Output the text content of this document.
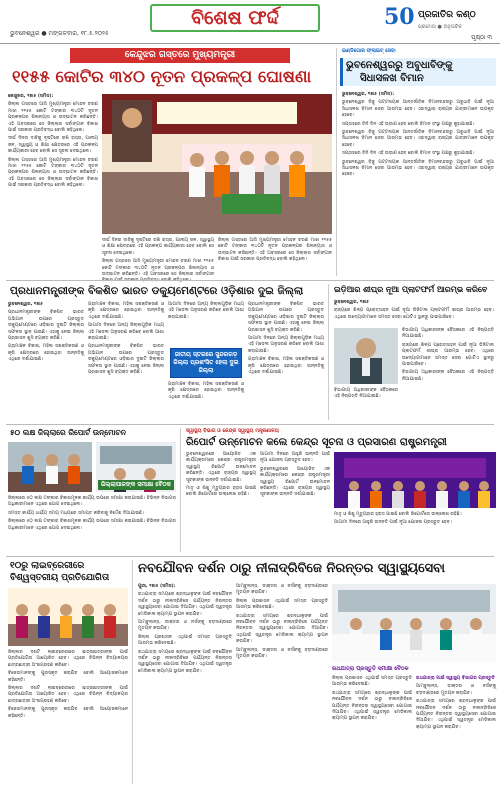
ଭୁବନେଶ୍ୱର ● ମଙ୍ଗଳବାର, ୧୮.୫.୨୦୨୫
ବିଶେଷ ଫର୍ଦ୍ଦ	50 ପ୍ରଜାତିର କଣ୍ଠ
ପ୍ରମେୟ ● ଅନୁଭବିକ
ପୃଷ୍ଠା ୩
କେନ୍ଦୁଝର ଗସ୍ତରେ ମୁଖ୍ୟମନ୍ତ୍ରୀ
୧୧୫୫ କୋଟିର ୩୪୦ ନୂତନ ପ୍ରକଳ୍ପ ଘୋଷଣା

କେନ୍ଦୁଝର, ୧୭ା୫ (ସମିସ):

ଜିଲ୍ଲା ଗସ୍ତରେ ଆସି ମୁଖ୍ୟମନ୍ତ୍ରୀ ମୋହନ ଚରଣ ମାଝୀ ୧୧୫୫ କୋଟି ଟଙ୍କାର ୩୪୦ଟି ନୂତନ ପ୍ରକଳ୍ପର ଶିଳାନ୍ୟାସ ଓ ଉଦ୍‌ଘାଟନ କରିଛନ୍ତି। ଏହି ଅବସରରେ ସେ ଜିଲ୍ଲାର ସର୍ବାଙ୍ଗୀନ ବିକାଶ ପାଇଁ ସରକାର ପ୍ରତିବଦ୍ଧ ବୋଲି କହିଥିଲେ।

ଦୀର୍ଘ ଦିନର ଦାବିକୁ ଦୃଷ୍ଟିରେ ରଖି ରାସ୍ତା, ପାନୀୟ ଜଳ, ସ୍ୱାସ୍ଥ୍ୟ ଓ ଶିକ୍ଷା କ୍ଷେତ୍ରରେ ଏହି ପ୍ରକଳ୍ପ କାର୍ଯ୍ୟକାରୀ ହେବ ବୋଲି ସେ ସୂଚନା ଦେଇଥିଲେ।

ଜିଲ୍ଲା ଗସ୍ତରେ ଆସି ମୁଖ୍ୟମନ୍ତ୍ରୀ ମୋହନ ଚରଣ ମାଝୀ ୧୧୫୫ କୋଟି ଟଙ୍କାର ୩୪୦ଟି ନୂତନ ପ୍ରକଳ୍ପର ଶିଳାନ୍ୟାସ ଓ ଉଦ୍‌ଘାଟନ କରିଛନ୍ତି। ଏହି ଅବସରରେ ସେ ଜିଲ୍ଲାର ସର୍ବାଙ୍ଗୀନ ବିକାଶ ପାଇଁ ସରକାର ପ୍ରତିବଦ୍ଧ ବୋଲି କହିଥିଲେ।

ଦୀର୍ଘ ଦିନର ଦାବିକୁ ଦୃଷ୍ଟିରେ ରଖି ରାସ୍ତା, ପାନୀୟ ଜଳ, ସ୍ୱାସ୍ଥ୍ୟ ଓ ଶିକ୍ଷା କ୍ଷେତ୍ରରେ ଏହି ପ୍ରକଳ୍ପ କାର୍ଯ୍ୟକାରୀ ହେବ ବୋଲି ସେ ସୂଚନା ଦେଇଥିଲେ।

ଜିଲ୍ଲା ଗସ୍ତରେ ଆସି ମୁଖ୍ୟମନ୍ତ୍ରୀ ମୋହନ ଚରଣ ମାଝୀ ୧୧୫୫ କୋଟି ଟଙ୍କାର ୩୪୦ଟି ନୂତନ ପ୍ରକଳ୍ପର ଶିଳାନ୍ୟାସ ଓ ଉଦ୍‌ଘାଟନ କରିଛନ୍ତି। ଏହି ଅବସରରେ ସେ ଜିଲ୍ଲାର ସର୍ବାଙ୍ଗୀନ

ଜିଲ୍ଲା ଗସ୍ତରେ ଆସି ମୁଖ୍ୟମନ୍ତ୍ରୀ ମୋହନ ଚରଣ ମାଝୀ ୧୧୫୫ କୋଟି ଟଙ୍କାର ୩୪୦ଟି ନୂତନ ପ୍ରକଳ୍ପର ଶିଳାନ୍ୟାସ ଓ ଉଦ୍‌ଘାଟନ କରିଛନ୍ତି। ଏହି ଅବସରରେ ସେ ଜିଲ୍ଲାର ସର୍ବାଙ୍ଗୀନ ବିକାଶ ପାଇଁ ସରକାର ପ୍ରତିବଦ୍ଧ ବୋଲି କହିଥିଲେ।

ଇଣ୍ଡିଗୋର ଫ୍ଲାଇଟ୍ ସେବା
ଭୁବନେଶ୍ୱରରୁ ଅବୁଧାବିଙ୍କୁ
ସିଧାସଳଖ ବିମାନ

ଭୁବନେଶ୍ୱର, ୧୭ା୫ (ସମିସ):

ଭୁବନେଶ୍ୱର ବିଜୁ ପଟ୍ଟନାୟକ ଆନ୍ତର୍ଜାତିକ ବିମାନବନ୍ଦରରୁ ଅବୁଧାବି ପାଇଁ ନୂଆ ସିଧାସଳଖ ବିମାନ ସେବା ଆରମ୍ଭ ହେବ। ଏହାଦ୍ୱାରା ରାଜ୍ୟର ଯାତ୍ରୀମାନେ ଉପକୃତ ହେବେ।

ସପ୍ତାହରେ ତିନି ଦିନ ଏହି ଉଡ଼ାଣ ହେବ ବୋଲି ବିମାନ ସଂସ୍ଥା ପକ୍ଷରୁ କୁହାଯାଇଛି।

ଭୁବନେଶ୍ୱର ବିଜୁ ପଟ୍ଟନାୟକ ଆନ୍ତର୍ଜାତିକ ବିମାନବନ୍ଦରରୁ ଅବୁଧାବି ପାଇଁ ନୂଆ ସିଧାସଳଖ ବିମାନ ସେବା ଆରମ୍ଭ ହେବ। ଏହାଦ୍ୱାରା ରାଜ୍ୟର ଯାତ୍ରୀମାନେ ଉପକୃତ ହେବେ।

ସପ୍ତାହରେ ତିନି ଦିନ ଏହି ଉଡ଼ାଣ ହେବ ବୋଲି ବିମାନ ସଂସ୍ଥା ପକ୍ଷରୁ କୁହାଯାଇଛି।

ଭୁବନେଶ୍ୱର ବିଜୁ ପଟ୍ଟନାୟକ ଆନ୍ତର୍ଜାତିକ ବିମାନବନ୍ଦରରୁ ଅବୁଧାବି ପାଇଁ ନୂଆ ସିଧାସଳଖ ବିମାନ ସେବା ଆରମ୍ଭ ହେବ। ଏହାଦ୍ୱାରା ରାଜ୍ୟର ଯାତ୍ରୀମାନେ ଉପକୃତ ହେବେ।

ପ୍ରଧାନମନ୍ତ୍ରୀଙ୍କ ବିକଶିତ ଭାରତ ଡକ୍ୟୁମେଣ୍ଟରେ ଓଡ଼ିଶାର ଦୁଇ ଜିଲ୍ଲା

ଭୁବନେଶ୍ୱର, ୧୭ା୫

ପ୍ରଧାନମନ୍ତ୍ରୀଙ୍କ ବିକଶିତ ଭାରତ ଅଭିଯାନ ଉପରେ ପ୍ରସ୍ତୁତ ଡକ୍ୟୁମେଣ୍ଟରେ ଓଡ଼ିଶାର ଦୁଇଟି ଜିଲ୍ଲାର ସଫଳତା ସ୍ଥାନ ପାଇଛି। ଏହାକୁ ନେଇ ଜିଲ୍ଲା ପ୍ରଶାସନ ଖୁସି ବ୍ୟକ୍ତ କରିଛି।

ଗ୍ରାମାଞ୍ଚଳ ବିକାଶ, ମହିଳା ସଶକ୍ତିକରଣ ଓ କୃଷି କ୍ଷେତ୍ରରେ ହୋଇଥିବା ଉନ୍ନତିକୁ ଏଥିରେ ଦର୍ଶାଯାଇଛି।

ଗ୍ରାମାଞ୍ଚଳ ବିକାଶ, ମହିଳା ସଶକ୍ତିକରଣ ଓ କୃଷି କ୍ଷେତ୍ରରେ ହୋଇଥିବା ଉନ୍ନତିକୁ ଏଥିରେ ଦର୍ଶାଯାଇଛି।

ଆଗାମୀ ଦିନରେ ଅନ୍ୟ ଜିଲ୍ଲାଗୁଡ଼ିକ ମଧ୍ୟ ଏହି ମଡେଲ ଅନୁସରଣ କରିବେ ବୋଲି ଆଶା କରାଯାଉଛି।

ପ୍ରଧାନମନ୍ତ୍ରୀଙ୍କ ବିକଶିତ ଭାରତ ଅଭିଯାନ ଉପରେ ପ୍ରସ୍ତୁତ ଡକ୍ୟୁମେଣ୍ଟରେ ଓଡ଼ିଶାର ଦୁଇଟି ଜିଲ୍ଲାର ସଫଳତା ସ୍ଥାନ ପାଇଛି। ଏହାକୁ ନେଇ ଜିଲ୍ଲା ପ୍ରଶାସନ ଖୁସି ବ୍ୟକ୍ତ କରିଛି।

ଆଗାମୀ ଦିନରେ ଅନ୍ୟ ଜିଲ୍ଲାଗୁଡ଼ିକ ମଧ୍ୟ ଏହି ମଡେଲ ଅନୁସରଣ କରିବେ ବୋଲି ଆଶା କରାଯାଉଛି।

ଜାତୀୟ ସ୍ତରରେ ସୁନ୍ଦରଗଡ଼ ଜିଲ୍ଲା ପ୍ରଶଂସିତ ହେଲା ଦୁଇ ଜିଲ୍ଲା

ଗ୍ରାମାଞ୍ଚଳ ବିକାଶ, ମହିଳା ସଶକ୍ତିକରଣ ଓ କୃଷି କ୍ଷେତ୍ରରେ ହୋଇଥିବା ଉନ୍ନତିକୁ ଏଥିରେ ଦର୍ଶାଯାଇଛି।

ପ୍ରଧାନମନ୍ତ୍ରୀଙ୍କ ବିକଶିତ ଭାରତ ଅଭିଯାନ ଉପରେ ପ୍ରସ୍ତୁତ ଡକ୍ୟୁମେଣ୍ଟରେ ଓଡ଼ିଶାର ଦୁଇଟି ଜିଲ୍ଲାର ସଫଳତା ସ୍ଥାନ ପାଇଛି। ଏହାକୁ ନେଇ ଜିଲ୍ଲା ପ୍ରଶାସନ ଖୁସି ବ୍ୟକ୍ତ କରିଛି।

ଆଗାମୀ ଦିନରେ ଅନ୍ୟ ଜିଲ୍ଲାଗୁଡ଼ିକ ମଧ୍ୟ ଏହି ମଡେଲ ଅନୁସରଣ କରିବେ ବୋଲି ଆଶା କରାଯାଉଛି।

ଗ୍ରାମାଞ୍ଚଳ ବିକାଶ, ମହିଳା ସଶକ୍ତିକରଣ ଓ କୃଷି କ୍ଷେତ୍ରରେ ହୋଇଥିବା ଉନ୍ନତିକୁ ଏଥିରେ ଦର୍ଶାଯାଇଛି।

ଇଡ଼ିଆର ଶୀଘ୍ର ନୂଆ ପ୍ଲାଟଫର୍ମ ଆରମ୍ଭ କରିବେ

ଭୁବନେଶ୍ୱର, ୧୭ା୫

ରାଜ୍ୟରେ ଶିଳ୍ପ ପ୍ରୋତ୍ସାହନ ପାଇଁ ନୂଆ ଡିଜିଟାଲ ପ୍ଲାଟଫର୍ମ ଶୀଘ୍ର ଆରମ୍ଭ ହେବ। ଏଥିରେ ଉଦ୍ୟୋଗୀମାନେ ସମସ୍ତ ସେବା ଗୋଟିଏ ସ୍ଥାନରୁ ପାଇପାରିବେ।

ବିଭାଗୀୟ ଅଧିକାରୀଙ୍କ ବୈଠକରେ ଏହି ନିଷ୍ପତ୍ତି ନିଆଯାଇଛି।

ରାଜ୍ୟରେ ଶିଳ୍ପ ପ୍ରୋତ୍ସାହନ ପାଇଁ ନୂଆ ଡିଜିଟାଲ ପ୍ଲାଟଫର୍ମ ଶୀଘ୍ର ଆରମ୍ଭ ହେବ। ଏଥିରେ ଉଦ୍ୟୋଗୀମାନେ ସମସ୍ତ ସେବା ଗୋଟିଏ ସ୍ଥାନରୁ ପାଇପାରିବେ।

ବିଭାଗୀୟ ଅଧିକାରୀଙ୍କ ବୈଠକରେ ଏହି ନିଷ୍ପତ୍ତି ନିଆଯାଇଛି।

ବିଭାଗୀୟ ଅଧିକାରୀଙ୍କ ବୈଠକରେ ଏହି ନିଷ୍ପତ୍ତି ନିଆଯାଇଛି।

୫୦ ଲକ୍ଷ ଜିଲ୍ଲାରେ ରିପୋର୍ଟ ଉନ୍ମୋଚନ
ଜିଲ୍ଲାପାଳଙ୍କ ସମୀକ୍ଷା ବୈଠକ

ଜିଲ୍ଲାରେ ୫୦ ଲକ୍ଷ ଟଙ୍କାର ବିକାଶମୂଳକ କାର୍ଯ୍ୟ ଉପରେ ସମୀକ୍ଷା କରାଯାଇଛି। ବିଭିନ୍ନ ବିଭାଗର ଅଧିକାରୀମାନେ ଏଥିରେ ଯୋଗ ଦେଇଥିଲେ।

ସମସ୍ତ କାର୍ଯ୍ୟ ଧାର୍ଯ୍ୟ ସମୟ ମଧ୍ୟରେ ସମାପ୍ତ କରିବାକୁ ନିର୍ଦ୍ଦେଶ ଦିଆଯାଇଛି।

ଜିଲ୍ଲାରେ ୫୦ ଲକ୍ଷ ଟଙ୍କାର ବିକାଶମୂଳକ କାର୍ଯ୍ୟ ଉପରେ ସମୀକ୍ଷା କରାଯାଇଛି। ବିଭିନ୍ନ ବିଭାଗର ଅଧିକାରୀମାନେ ଏଥିରେ ଯୋଗ ଦେଇଥିଲେ।

ସ୍ୱାସ୍ଥ୍ୟ ବିଭାଗ ଓ କେନ୍ଦ୍ର ସ୍ୱାସ୍ଥ୍ୟ ମନ୍ତ୍ରଣାଳୟ
ରିପୋର୍ଟ ଉନ୍ମୋଚନ କଲେ କେନ୍ଦ୍ର ସୂଚନା ଓ ପ୍ରସାରଣ ରାଷ୍ଟ୍ରମନ୍ତ୍ରୀ

ଭୁବନେଶ୍ୱରରେ ଆୟୋଜିତ ଏକ କାର୍ଯ୍ୟକ୍ରମରେ କେନ୍ଦ୍ର ରାଷ୍ଟ୍ରମନ୍ତ୍ରୀ ସ୍ୱାସ୍ଥ୍ୟ ରିପୋର୍ଟ ଉନ୍ମୋଚନ କରିଛନ୍ତି। ଏଥିରେ ରାଜ୍ୟର ସ୍ୱାସ୍ଥ୍ୟ ସୂଚକାଙ୍କ ଉନ୍ନତି ଦର୍ଶାଯାଇଛି।

ମାତୃ ଓ ଶିଶୁ ମୃତ୍ୟୁହାର ହ୍ରାସ ପାଇଛି ବୋଲି ରିପୋର୍ଟରେ ଉଲ୍ଲେଖ ରହିଛି।

ଆଗାମୀ ଦିନରେ ଆହୁରି ଉନ୍ନତି ପାଇଁ ନୂଆ ଯୋଜନା ପ୍ରସ୍ତୁତ ହେବ।

ଭୁବନେଶ୍ୱରରେ ଆୟୋଜିତ ଏକ କାର୍ଯ୍ୟକ୍ରମରେ କେନ୍ଦ୍ର ରାଷ୍ଟ୍ରମନ୍ତ୍ରୀ ସ୍ୱାସ୍ଥ୍ୟ ରିପୋର୍ଟ ଉନ୍ମୋଚନ କରିଛନ୍ତି। ଏଥିରେ ରାଜ୍ୟର ସ୍ୱାସ୍ଥ୍ୟ ସୂଚକାଙ୍କ ଉନ୍ନତି ଦର୍ଶାଯାଇଛି।

ମାତୃ ଓ ଶିଶୁ ମୃତ୍ୟୁହାର ହ୍ରାସ ପାଇଛି ବୋଲି ରିପୋର୍ଟରେ ଉଲ୍ଲେଖ ରହିଛି।

ଆଗାମୀ ଦିନରେ ଆହୁରି ଉନ୍ନତି ପାଇଁ ନୂଆ ଯୋଜନା ପ୍ରସ୍ତୁତ ହେବ।

୧୦ରୁ ଲାଇବ୍ରେରୀରେ
ବିଶ୍ୱସ୍ତରୀୟ ପ୍ରତିଯୋଗିତା

ଜିଲ୍ଲାର ଦଶଟି ଲାଇବ୍ରେରୀରେ ଛାତ୍ରଛାତ୍ରୀଙ୍କ ପାଇଁ ପ୍ରତିଯୋଗିତା ଆୟୋଜିତ ହେବ। ଏଥିରେ ବିଭିନ୍ନ ବିଦ୍ୟାଳୟର ଛାତ୍ରଛାତ୍ରୀ ଅଂଶଗ୍ରହଣ କରିବେ।

ବିଜେତାମାନଙ୍କୁ ପୁରସ୍କୃତ କରାଯିବ ବୋଲି ଆୟୋଜକମାନେ କହିଛନ୍ତି।

ଜିଲ୍ଲାର ଦଶଟି ଲାଇବ୍ରେରୀରେ ଛାତ୍ରଛାତ୍ରୀଙ୍କ ପାଇଁ ପ୍ରତିଯୋଗିତା ଆୟୋଜିତ ହେବ। ଏଥିରେ ବିଭିନ୍ନ ବିଦ୍ୟାଳୟର ଛାତ୍ରଛାତ୍ରୀ ଅଂଶଗ୍ରହଣ କରିବେ।

ବିଜେତାମାନଙ୍କୁ ପୁରସ୍କୃତ କରାଯିବ ବୋଲି ଆୟୋଜକମାନେ କହିଛନ୍ତି।

ନବଯୌବନ ଦର୍ଶନ ଠାରୁ ନୀଳାଦ୍ରିବିଜେ ନିରନ୍ତର ସ୍ୱାସ୍ଥ୍ୟସେବା

ପୁରୀ, ୧୭ା୫ (ସମିସ):

ରଥଯାତ୍ରା ସମୟରେ ଶ୍ରଦ୍ଧାଳୁଙ୍କ ପାଇଁ ନବଯୌବନ ଦର୍ଶନ ଠାରୁ ନୀଳାଦ୍ରିବିଜେ ପର୍ଯ୍ୟନ୍ତ ନିରନ୍ତର ସ୍ୱାସ୍ଥ୍ୟସେବା ଯୋଗାଇ ଦିଆଯିବ। ଏଥିପାଇଁ ସ୍ୱତନ୍ତ୍ର ମେଡିକାଲ କ୍ୟାମ୍ପ ସ୍ଥାପନ କରାଯିବ।

ଆମ୍ବୁଲାନ୍ସ, ଡାକ୍ତର ଓ ନର୍ସଙ୍କୁ ବଡ଼ଦାଣ୍ଡରେ ମୁତୟନ କରାଯିବ।

ଜିଲ୍ଲା ପ୍ରଶାସନ ଏଥିପାଇଁ ସମସ୍ତ ପ୍ରସ୍ତୁତି ଆରମ୍ଭ କରିଦେଇଛି।

ରଥଯାତ୍ରା ସମୟରେ ଶ୍ରଦ୍ଧାଳୁଙ୍କ ପାଇଁ ନବଯୌବନ ଦର୍ଶନ ଠାରୁ ନୀଳାଦ୍ରିବିଜେ ପର୍ଯ୍ୟନ୍ତ ନିରନ୍ତର ସ୍ୱାସ୍ଥ୍ୟସେବା ଯୋଗାଇ ଦିଆଯିବ। ଏଥିପାଇଁ ସ୍ୱତନ୍ତ୍ର ମେଡିକାଲ କ୍ୟାମ୍ପ ସ୍ଥାପନ କରାଯିବ।

ଆମ୍ବୁଲାନ୍ସ, ଡାକ୍ତର ଓ ନର୍ସଙ୍କୁ ବଡ଼ଦାଣ୍ଡରେ ମୁତୟନ କରାଯିବ।

ଜିଲ୍ଲା ପ୍ରଶାସନ ଏଥିପାଇଁ ସମସ୍ତ ପ୍ରସ୍ତୁତି ଆରମ୍ଭ କରିଦେଇଛି।

ରଥଯାତ୍ରା ସମୟରେ ଶ୍ରଦ୍ଧାଳୁଙ୍କ ପାଇଁ ନବଯୌବନ ଦର୍ଶନ ଠାରୁ ନୀଳାଦ୍ରିବିଜେ ପର୍ଯ୍ୟନ୍ତ ନିରନ୍ତର ସ୍ୱାସ୍ଥ୍ୟସେବା ଯୋଗାଇ ଦିଆଯିବ। ଏଥିପାଇଁ ସ୍ୱତନ୍ତ୍ର ମେଡିକାଲ କ୍ୟାମ୍ପ ସ୍ଥାପନ କରାଯିବ।

ଆମ୍ବୁଲାନ୍ସ, ଡାକ୍ତର ଓ ନର୍ସଙ୍କୁ ବଡ଼ଦାଣ୍ଡରେ ମୁତୟନ କରାଯିବ।

ରଥଯାତ୍ରା ପ୍ରସ୍ତୁତି ସମୀକ୍ଷା ବୈଠକ

ଜିଲ୍ଲା ପ୍ରଶାସନ ଏଥିପାଇଁ ସମସ୍ତ ପ୍ରସ୍ତୁତି ଆରମ୍ଭ କରିଦେଇଛି।

ରଥଯାତ୍ରା ସମୟରେ ଶ୍ରଦ୍ଧାଳୁଙ୍କ ପାଇଁ ନବଯୌବନ ଦର୍ଶନ ଠାରୁ ନୀଳାଦ୍ରିବିଜେ ପର୍ଯ୍ୟନ୍ତ ନିରନ୍ତର ସ୍ୱାସ୍ଥ୍ୟସେବା ଯୋଗାଇ ଦିଆଯିବ। ଏଥିପାଇଁ ସ୍ୱତନ୍ତ୍ର ମେଡିକାଲ କ୍ୟାମ୍ପ ସ୍ଥାପନ କରାଯିବ।

ରଥଯାତ୍ରା ପାଇଁ ସ୍ୱାସ୍ଥ୍ୟ ବିଭାଗର ପ୍ରସ୍ତୁତି

ଆମ୍ବୁଲାନ୍ସ, ଡାକ୍ତର ଓ ନର୍ସଙ୍କୁ ବଡ଼ଦାଣ୍ଡରେ ମୁତୟନ କରାଯିବ।

ରଥଯାତ୍ରା ସମୟରେ ଶ୍ରଦ୍ଧାଳୁଙ୍କ ପାଇଁ ନବଯୌବନ ଦର୍ଶନ ଠାରୁ ନୀଳାଦ୍ରିବିଜେ ପର୍ଯ୍ୟନ୍ତ ନିରନ୍ତର ସ୍ୱାସ୍ଥ୍ୟସେବା ଯୋଗାଇ ଦିଆଯିବ। ଏଥିପାଇଁ ସ୍ୱତନ୍ତ୍ର ମେଡିକାଲ କ୍ୟାମ୍ପ ସ୍ଥାପନ କରାଯିବ।
